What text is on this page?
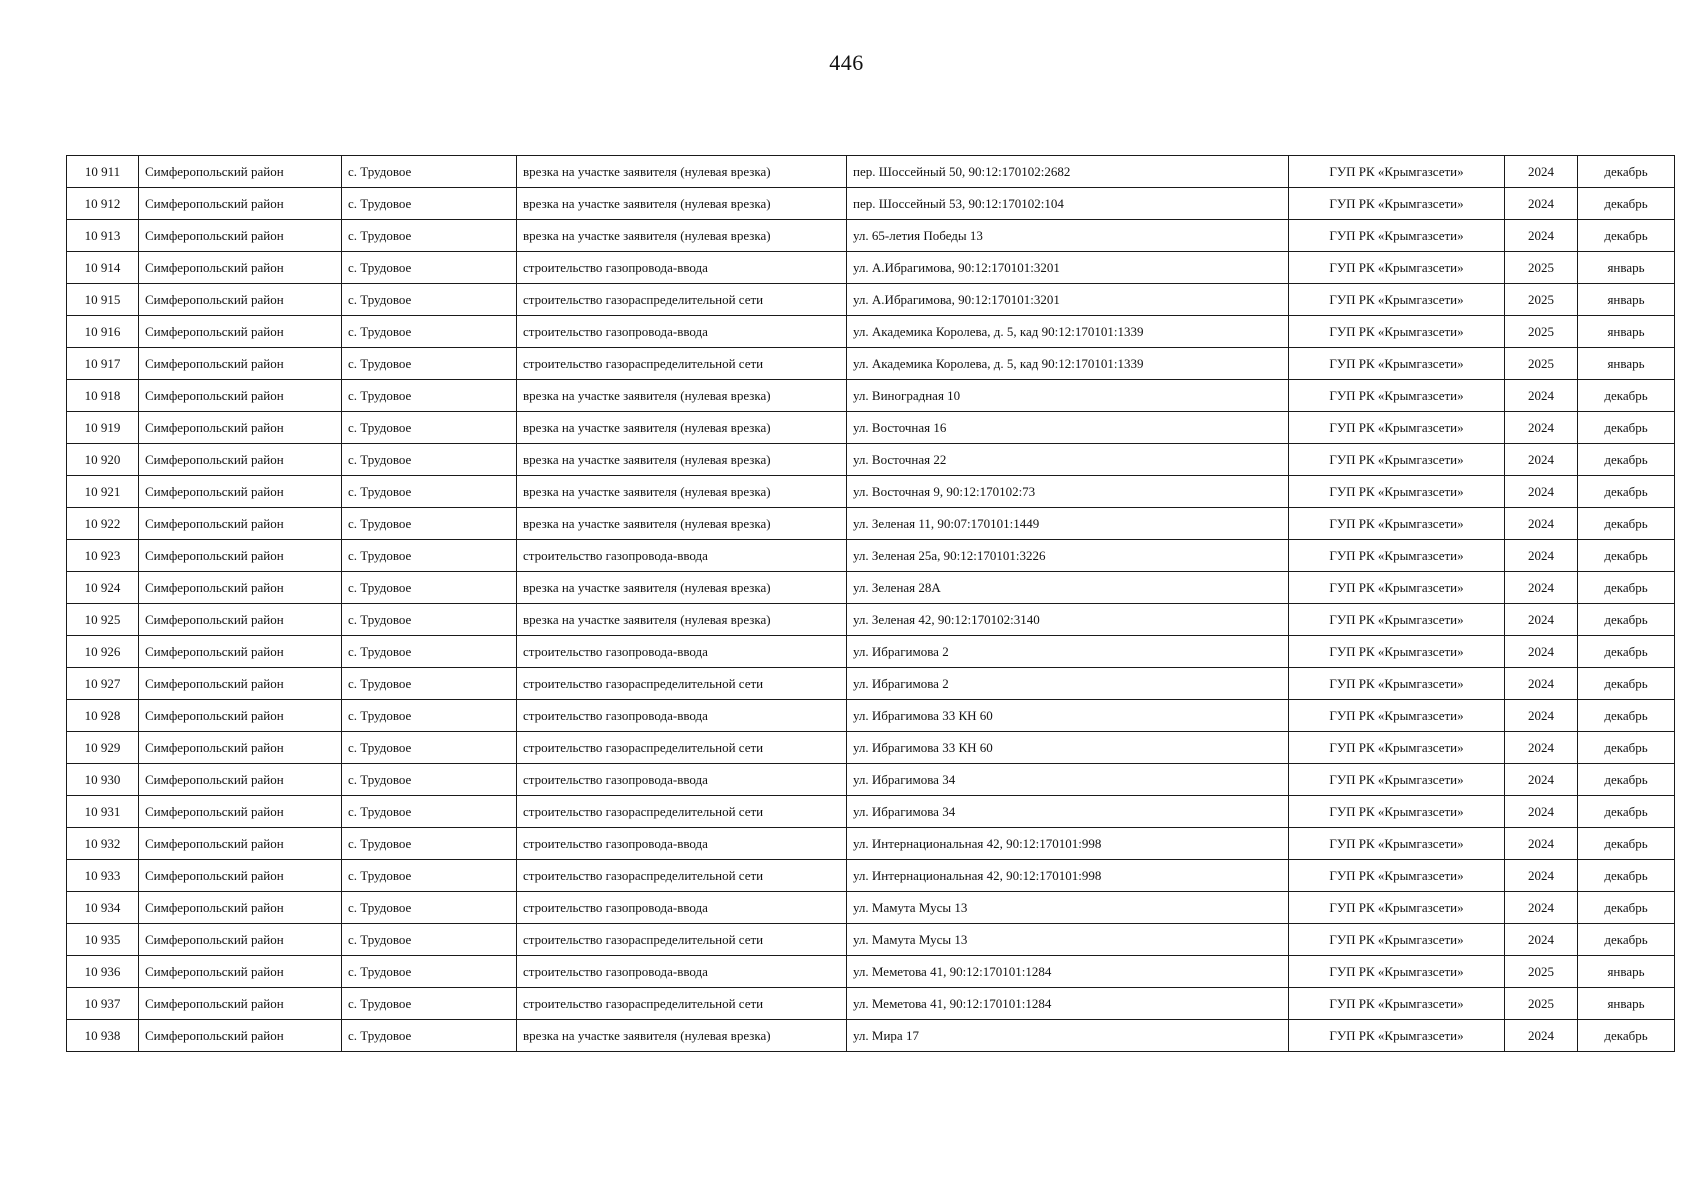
446
10 911	Симферопольский район	с. Трудовое	врезка на участке заявителя (нулевая врезка)	пер. Шоссейный 50, 90:12:170102:2682	ГУП РК «Крымгазсети»	2024	декабрь
10 912	Симферопольский район	с. Трудовое	врезка на участке заявителя (нулевая врезка)	пер. Шоссейный 53, 90:12:170102:104	ГУП РК «Крымгазсети»	2024	декабрь
10 913	Симферопольский район	с. Трудовое	врезка на участке заявителя (нулевая врезка)	ул. 65-летия Победы 13	ГУП РК «Крымгазсети»	2024	декабрь
10 914	Симферопольский район	с. Трудовое	строительство газопровода-ввода	ул. А.Ибрагимова, 90:12:170101:3201	ГУП РК «Крымгазсети»	2025	январь
10 915	Симферопольский район	с. Трудовое	строительство газораспределительной сети	ул. А.Ибрагимова, 90:12:170101:3201	ГУП РК «Крымгазсети»	2025	январь
10 916	Симферопольский район	с. Трудовое	строительство газопровода-ввода	ул. Академика Королева, д. 5, кад 90:12:170101:1339	ГУП РК «Крымгазсети»	2025	январь
10 917	Симферопольский район	с. Трудовое	строительство газораспределительной сети	ул. Академика Королева, д. 5, кад 90:12:170101:1339	ГУП РК «Крымгазсети»	2025	январь
10 918	Симферопольский район	с. Трудовое	врезка на участке заявителя (нулевая врезка)	ул. Виноградная 10	ГУП РК «Крымгазсети»	2024	декабрь
10 919	Симферопольский район	с. Трудовое	врезка на участке заявителя (нулевая врезка)	ул. Восточная 16	ГУП РК «Крымгазсети»	2024	декабрь
10 920	Симферопольский район	с. Трудовое	врезка на участке заявителя (нулевая врезка)	ул. Восточная 22	ГУП РК «Крымгазсети»	2024	декабрь
10 921	Симферопольский район	с. Трудовое	врезка на участке заявителя (нулевая врезка)	ул. Восточная 9, 90:12:170102:73	ГУП РК «Крымгазсети»	2024	декабрь
10 922	Симферопольский район	с. Трудовое	врезка на участке заявителя (нулевая врезка)	ул. Зеленая 11, 90:07:170101:1449	ГУП РК «Крымгазсети»	2024	декабрь
10 923	Симферопольский район	с. Трудовое	строительство газопровода-ввода	ул. Зеленая 25а, 90:12:170101:3226	ГУП РК «Крымгазсети»	2024	декабрь
10 924	Симферопольский район	с. Трудовое	врезка на участке заявителя (нулевая врезка)	ул. Зеленая 28А	ГУП РК «Крымгазсети»	2024	декабрь
10 925	Симферопольский район	с. Трудовое	врезка на участке заявителя (нулевая врезка)	ул. Зеленая 42, 90:12:170102:3140	ГУП РК «Крымгазсети»	2024	декабрь
10 926	Симферопольский район	с. Трудовое	строительство газопровода-ввода	ул. Ибрагимова 2	ГУП РК «Крымгазсети»	2024	декабрь
10 927	Симферопольский район	с. Трудовое	строительство газораспределительной сети	ул. Ибрагимова 2	ГУП РК «Крымгазсети»	2024	декабрь
10 928	Симферопольский район	с. Трудовое	строительство газопровода-ввода	ул. Ибрагимова 33 КН 60	ГУП РК «Крымгазсети»	2024	декабрь
10 929	Симферопольский район	с. Трудовое	строительство газораспределительной сети	ул. Ибрагимова 33 КН 60	ГУП РК «Крымгазсети»	2024	декабрь
10 930	Симферопольский район	с. Трудовое	строительство газопровода-ввода	ул. Ибрагимова 34	ГУП РК «Крымгазсети»	2024	декабрь
10 931	Симферопольский район	с. Трудовое	строительство газораспределительной сети	ул. Ибрагимова 34	ГУП РК «Крымгазсети»	2024	декабрь
10 932	Симферопольский район	с. Трудовое	строительство газопровода-ввода	ул. Интернациональная 42, 90:12:170101:998	ГУП РК «Крымгазсети»	2024	декабрь
10 933	Симферопольский район	с. Трудовое	строительство газораспределительной сети	ул. Интернациональная 42, 90:12:170101:998	ГУП РК «Крымгазсети»	2024	декабрь
10 934	Симферопольский район	с. Трудовое	строительство газопровода-ввода	ул. Мамута Мусы 13	ГУП РК «Крымгазсети»	2024	декабрь
10 935	Симферопольский район	с. Трудовое	строительство газораспределительной сети	ул. Мамута Мусы 13	ГУП РК «Крымгазсети»	2024	декабрь
10 936	Симферопольский район	с. Трудовое	строительство газопровода-ввода	ул. Меметова 41, 90:12:170101:1284	ГУП РК «Крымгазсети»	2025	январь
10 937	Симферопольский район	с. Трудовое	строительство газораспределительной сети	ул. Меметова 41, 90:12:170101:1284	ГУП РК «Крымгазсети»	2025	январь
10 938	Симферопольский район	с. Трудовое	врезка на участке заявителя (нулевая врезка)	ул. Мира 17	ГУП РК «Крымгазсети»	2024	декабрь
